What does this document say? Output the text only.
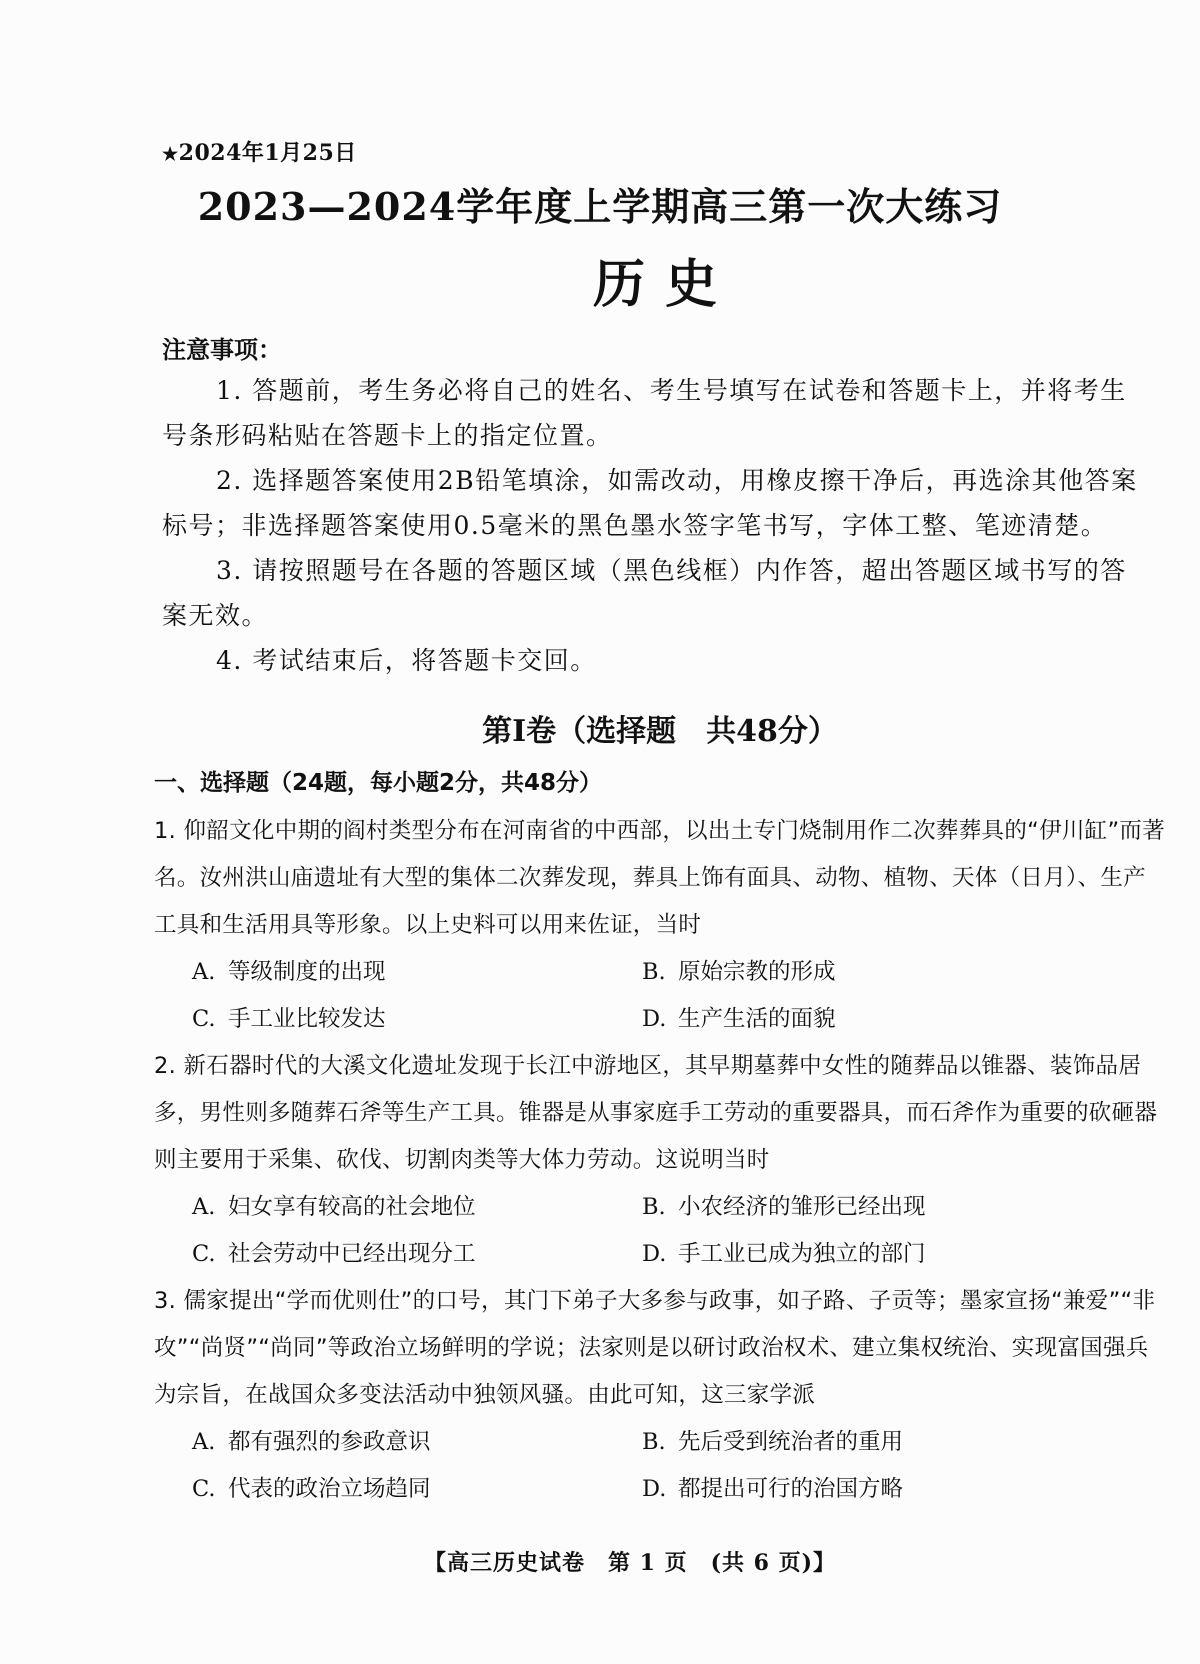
★2024年1月25日
2023—2024学年度上学期高三第一次大练习
历史
注意事项：

1. 答题前，考生务必将自己的姓名、考生号填写在试卷和答题卡上，并将考生号条形码粘贴在答题卡上的指定位置。

2. 选择题答案使用2B铅笔填涂，如需改动，用橡皮擦干净后，再选涂其他答案标号；非选择题答案使用0.5毫米的黑色墨水签字笔书写，字体工整、笔迹清楚。

3. 请按照题号在各题的答题区域（黑色线框）内作答，超出答题区域书写的答案无效。

4. 考试结束后，将答题卡交回。

第Ⅰ卷（选择题　共48分）
一、选择题（24题，每小题2分，共48分）
1. 仰韶文化中期的阎村类型分布在河南省的中西部，以出土专门烧制用作二次葬葬具的“伊川缸”而著名。汝州洪山庙遗址有大型的集体二次葬发现，葬具上饰有面具、动物、植物、天体（日月）、生产工具和生活用具等形象。以上史料可以用来佐证，当时
A. 等级制度的出现	B. 原始宗教的形成
C. 手工业比较发达	D. 生产生活的面貌
2. 新石器时代的大溪文化遗址发现于长江中游地区，其早期墓葬中女性的随葬品以锥器、装饰品居多，男性则多随葬石斧等生产工具。锥器是从事家庭手工劳动的重要器具，而石斧作为重要的砍砸器则主要用于采集、砍伐、切割肉类等大体力劳动。这说明当时
A. 妇女享有较高的社会地位	B. 小农经济的雏形已经出现
C. 社会劳动中已经出现分工	D. 手工业已成为独立的部门
3. 儒家提出“学而优则仕”的口号，其门下弟子大多参与政事，如子路、子贡等；墨家宣扬“兼爱”“非攻”“尚贤”“尚同”等政治立场鲜明的学说；法家则是以研讨政治权术、建立集权统治、实现富国强兵为宗旨，在战国众多变法活动中独领风骚。由此可知，这三家学派
A. 都有强烈的参政意识	B. 先后受到统治者的重用
C. 代表的政治立场趋同	D. 都提出可行的治国方略
【高三历史试卷　第 1 页　(共 6 页)】
